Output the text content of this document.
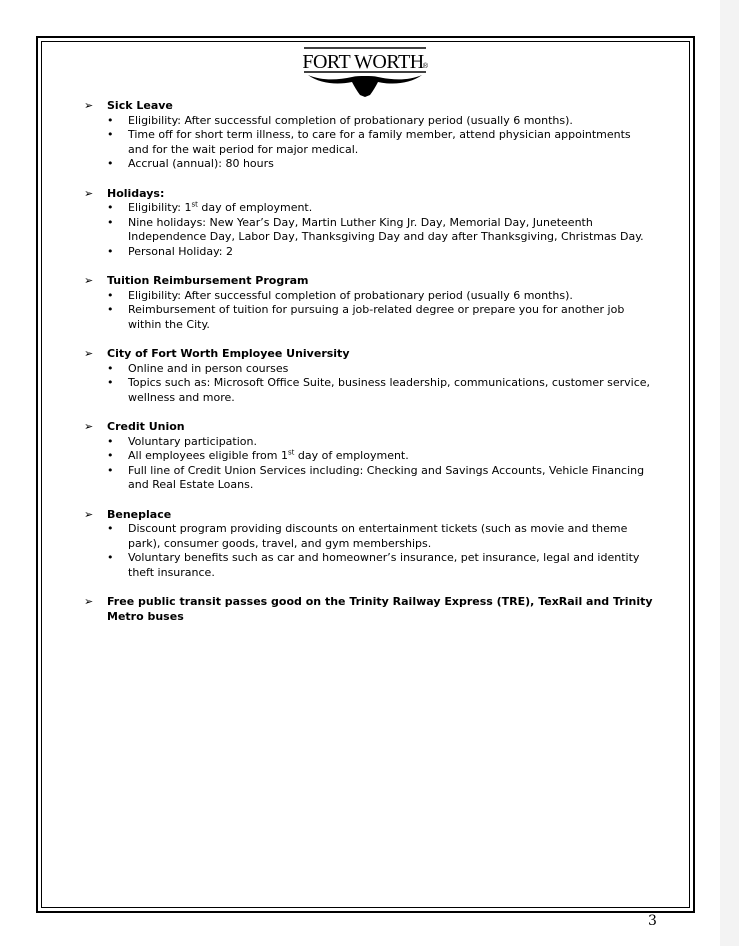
FORT WORTH ®
➢	Sick Leave
•	Eligibility: After successful completion of probationary period (usually 6 months).
•	Time off for short term illness, to care for a family member, attend physician appointments and for the wait period for major medical.
•	Accrual (annual): 80 hours
➢	Holidays:
•	Eligibility: 1st day of employment.
•	Nine holidays: New Year’s Day, Martin Luther King Jr. Day, Memorial Day, Juneteenth Independence Day, Labor Day, Thanksgiving Day and day after Thanksgiving, Christmas Day.
•	Personal Holiday: 2
➢	Tuition Reimbursement Program
•	Eligibility: After successful completion of probationary period (usually 6 months).
•	Reimbursement of tuition for pursuing a job-related degree or prepare you for another job within the City.
➢	City of Fort Worth Employee University
•	Online and in person courses
•	Topics such as: Microsoft Office Suite, business leadership, communications, customer service, wellness and more.
➢	Credit Union
•	Voluntary participation.
•	All employees eligible from 1st day of employment.
•	Full line of Credit Union Services including: Checking and Savings Accounts, Vehicle Financing and Real Estate Loans.
➢	Beneplace
•	Discount program providing discounts on entertainment tickets (such as movie and theme park), consumer goods, travel, and gym memberships.
•	Voluntary benefits such as car and homeowner’s insurance, pet insurance, legal and identity theft insurance.
➢	Free public transit passes good on the Trinity Railway Express (TRE), TexRail and Trinity Metro buses
3
